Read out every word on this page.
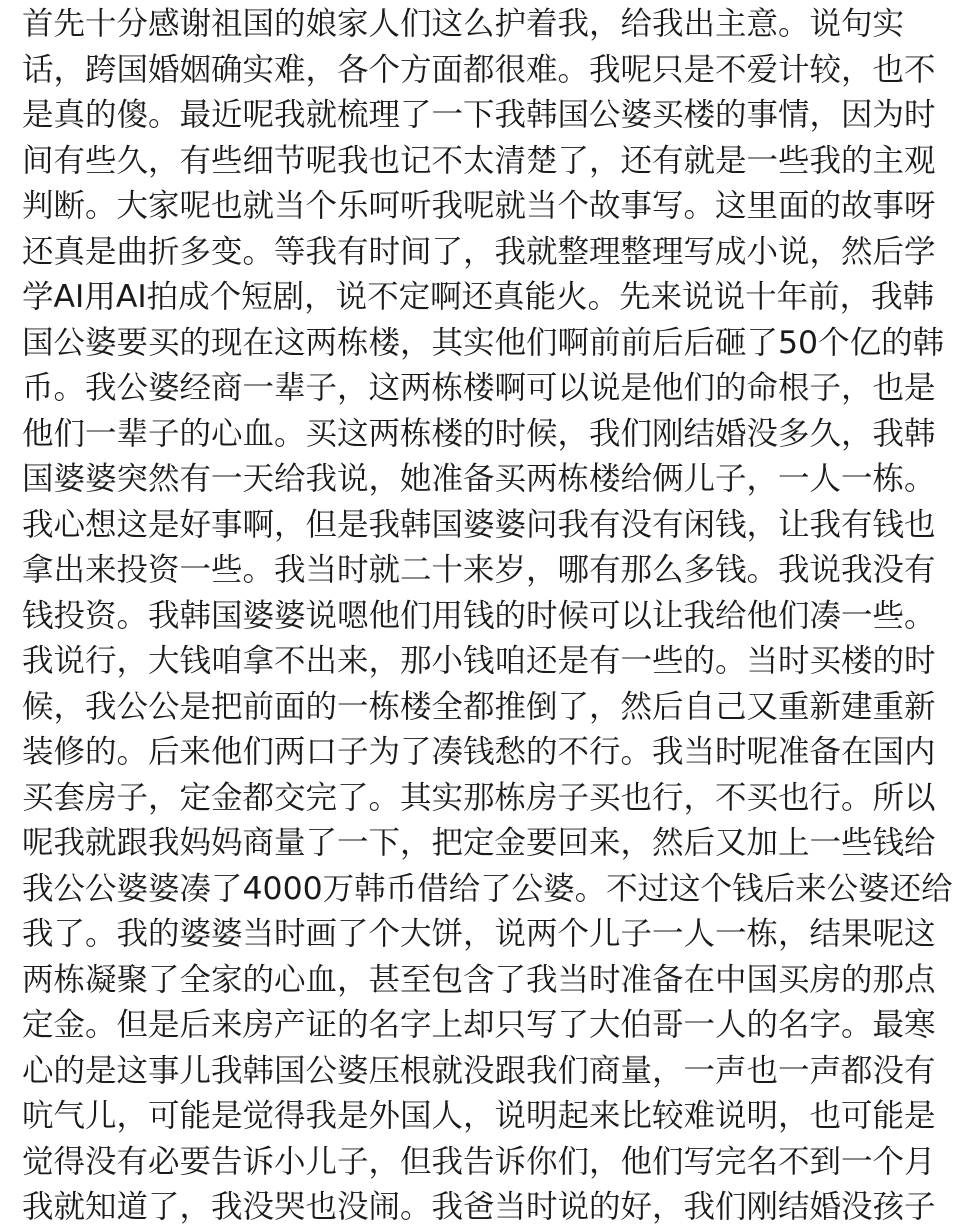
首先十分感谢祖国的娘家人们这么护着我，给我出主意。说句实
话，跨国婚姻确实难，各个方面都很难。我呢只是不爱计较，也不
是真的傻。最近呢我就梳理了一下我韩国公婆买楼的事情，因为时
间有些久，有些细节呢我也记不太清楚了，还有就是一些我的主观
判断。大家呢也就当个乐呵听我呢就当个故事写。这里面的故事呀
还真是曲折多变。等我有时间了，我就整理整理写成小说，然后学
学AI用AI拍成个短剧，说不定啊还真能火。先来说说十年前，我韩
国公婆要买的现在这两栋楼，其实他们啊前前后后砸了50个亿的韩
币。我公婆经商一辈子，这两栋楼啊可以说是他们的命根子，也是
他们一辈子的心血。买这两栋楼的时候，我们刚结婚没多久，我韩
国婆婆突然有一天给我说，她准备买两栋楼给俩儿子，一人一栋。
我心想这是好事啊，但是我韩国婆婆问我有没有闲钱，让我有钱也
拿出来投资一些。我当时就二十来岁，哪有那么多钱。我说我没有
钱投资。我韩国婆婆说嗯他们用钱的时候可以让我给他们凑一些。
我说行，大钱咱拿不出来，那小钱咱还是有一些的。当时买楼的时
候，我公公是把前面的一栋楼全都推倒了，然后自己又重新建重新
装修的。后来他们两口子为了凑钱愁的不行。我当时呢准备在国内
买套房子，定金都交完了。其实那栋房子买也行，不买也行。所以
呢我就跟我妈妈商量了一下，把定金要回来，然后又加上一些钱给
我公公婆婆凑了4000万韩币借给了公婆。不过这个钱后来公婆还给
我了。我的婆婆当时画了个大饼，说两个儿子一人一栋，结果呢这
两栋凝聚了全家的心血，甚至包含了我当时准备在中国买房的那点
定金。但是后来房产证的名字上却只写了大伯哥一人的名字。最寒
心的是这事儿我韩国公婆压根就没跟我们商量，一声也一声都没有
吭气儿，可能是觉得我是外国人，说明起来比较难说明，也可能是
觉得没有必要告诉小儿子，但我告诉你们，他们写完名不到一个月
我就知道了，我没哭也没闹。我爸当时说的好，我们刚结婚没孩子
